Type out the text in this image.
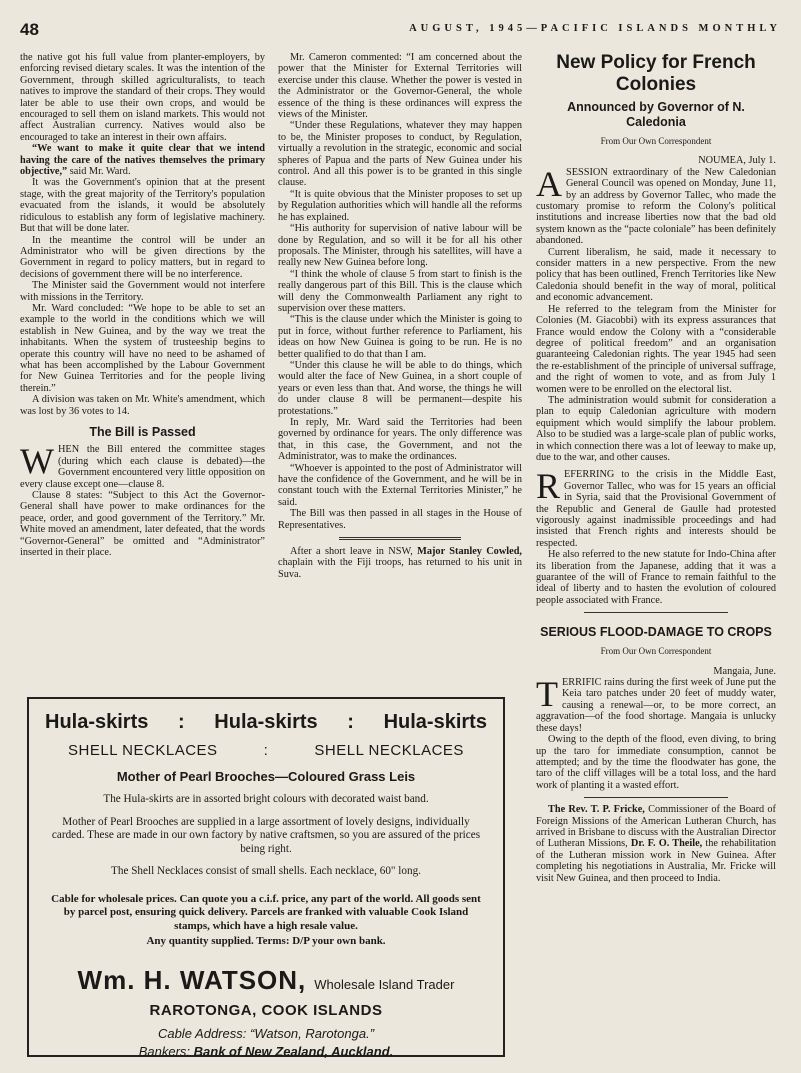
48	AUGUST, 1945—PACIFIC ISLANDS MONTHLY

the native got his full value from planter-employers, by enforcing revised dietary scales. It was the intention of the Government, through skilled agriculturalists, to teach natives to improve the standard of their crops. They would later be able to use their own crops, and would be encouraged to sell them on island markets. This would not affect Australian currency. Natives would also be encouraged to take an interest in their own affairs.

“We want to make it quite clear that we intend having the care of the natives themselves the primary objective,” said Mr. Ward.

It was the Government's opinion that at the present stage, with the great majority of the Territory's population evacuated from the islands, it would be absolutely ridiculous to establish any form of legislative machinery. But that will be done later.

In the meantime the control will be under an Administrator who will be given directions by the Government in regard to policy matters, but in regard to decisions of government there will be no interference.

The Minister said the Government would not interfere with missions in the Territory.

Mr. Ward concluded: “We hope to be able to set an example to the world in the conditions which we will establish in New Guinea, and by the way we treat the inhabitants. When the system of trusteeship begins to operate this country will have no need to be ashamed of what has been accomplished by the Labour Government for New Guinea Territories and for the people living therein.”

A division was taken on Mr. White's amendment, which was lost by 36 votes to 14.

The Bill is Passed

WHEN the Bill entered the committee stages (during which each clause is debated)—the Government encountered very little opposition on every clause except one—clause 8.

Clause 8 states: “Subject to this Act the Governor-General shall have power to make ordinances for the peace, order, and good government of the Territory.” Mr. White moved an amendment, later defeated, that the words “Governor-General” be omitted and “Administrator” inserted in their place.

Mr. Cameron commented: “I am concerned about the power that the Minister for External Territories will exercise under this clause. Whether the power is vested in the Administrator or the Governor-General, the whole essence of the thing is these ordinances will express the views of the Minister.

“Under these Regulations, whatever they may happen to be, the Minister proposes to conduct, by Regulation, virtually a revolution in the strategic, economic and social spheres of Papua and the parts of New Guinea under his control. And all this power is to be granted in this single clause.

“It is quite obvious that the Minister proposes to set up by Regulation authorities which will handle all the reforms he has explained.

“His authority for supervision of native labour will be done by Regulation, and so will it be for all his other proposals. The Minister, through his satellites, will have a really new New Guinea before long.

“I think the whole of clause 5 from start to finish is the really dangerous part of this Bill. This is the clause which will deny the Commonwealth Parliament any right to supervision over these matters.

“This is the clause under which the Minister is going to put in force, without further reference to Parliament, his ideas on how New Guinea is going to be run. He is no better qualified to do that than I am.

“Under this clause he will be able to do things, which would alter the face of New Guinea, in a short couple of years or even less than that. And worse, the things he will do under clause 8 will be permanent—despite his protestations.”

In reply, Mr. Ward said the Territories had been governed by ordinance for years. The only difference was that, in this case, the Government, and not the Administrator, was to make the ordinances.

“Whoever is appointed to the post of Administrator will have the confidence of the Government, and he will be in constant touch with the External Territories Minister,” he said.

The Bill was then passed in all stages in the House of Representatives.

After a short leave in NSW, Major Stanley Cowled, chaplain with the Fiji troops, has returned to his unit in Suva.

New Policy for French Colonies
Announced by Governor of N. Caledonia
From Our Own Correspondent

NOUMEA, July 1.

ASESSION extraordinary of the New Caledonian General Council was opened on Monday, June 11, by an address by Governor Tallec, who made the customary promise to reform the Colony's political institutions and increase liberties now that the bad old system known as the “pacte coloniale” has been definitely abandoned.

Current liberalism, he said, made it necessary to consider matters in a new perspective. From the new policy that has been outlined, French Territories like New Caledonia should benefit in the way of moral, political and economic advancement.

He referred to the telegram from the Minister for Colonies (M. Giacobbi) with its express assurances that France would endow the Colony with a “considerable degree of political freedom” and an organisation guaranteeing Caledonian rights. The year 1945 had seen the re-establishment of the principle of universal suffrage, and the right of women to vote, and as from July 1 women were to be enrolled on the electoral list.

The administration would submit for consideration a plan to equip Caledonian agriculture with modern equipment which would simplify the labour problem. Also to be studied was a large-scale plan of public works, in which connection there was a lot of leeway to make up, due to the war, and other causes.

REFERRING to the crisis in the Middle East, Governor Tallec, who was for 15 years an official in Syria, said that the Provisional Government of the Republic and General de Gaulle had protested vigorously against inadmissible proceedings and had insisted that French rights and interests should be respected.

He also referred to the new statute for Indo-China after its liberation from the Japanese, adding that it was a guarantee of the will of France to remain faithful to the ideal of liberty and to hasten the evolution of coloured people associated with France.

SERIOUS FLOOD-DAMAGE TO CROPS
From Our Own Correspondent

Mangaia, June.

TERRIFIC rains during the first week of June put the Keia taro patches under 20 feet of muddy water, causing a renewal—or, to be more correct, an aggravation—of the food shortage. Mangaia is unlucky these days!

Owing to the depth of the flood, even diving, to bring up the taro for immediate consumption, cannot be attempted; and by the time the floodwater has gone, the taro of the cliff villages will be a total loss, and the hard work of planting it a wasted effort.

The Rev. T. P. Fricke, Commissioner of the Board of Foreign Missions of the American Lutheran Church, has arrived in Brisbane to discuss with the Australian Director of Lutheran Missions, Dr. F. O. Theile, the rehabilitation of the Lutheran mission work in New Guinea. After completing his negotiations in Australia, Mr. Fricke will visit New Guinea, and then proceed to India.

Hula-skirts : Hula-skirts : Hula-skirts
SHELL NECKLACES	:	SHELL NECKLACES
Mother of Pearl Brooches—Coloured Grass Leis
The Hula-skirts are in assorted bright colours with decorated waist band.
Mother of Pearl Brooches are supplied in a large assortment of lovely designs, individually carded. These are made in our own factory by native craftsmen, so you are assured of the prices being right.
The Shell Necklaces consist of small shells. Each necklace, 60" long.
Cable for wholesale prices. Can quote you a c.i.f. price, any part of the world. All goods sent by parcel post, ensuring quick delivery. Parcels are franked with valuable Cook Island stamps, which have a high resale value.
Any quantity supplied. Terms: D/P your own bank.
Wm. H. WATSON, Wholesale Island Trader
RAROTONGA, COOK ISLANDS
Cable Address: “Watson, Rarotonga.”
Bankers: Bank of New Zealand, Auckland.
